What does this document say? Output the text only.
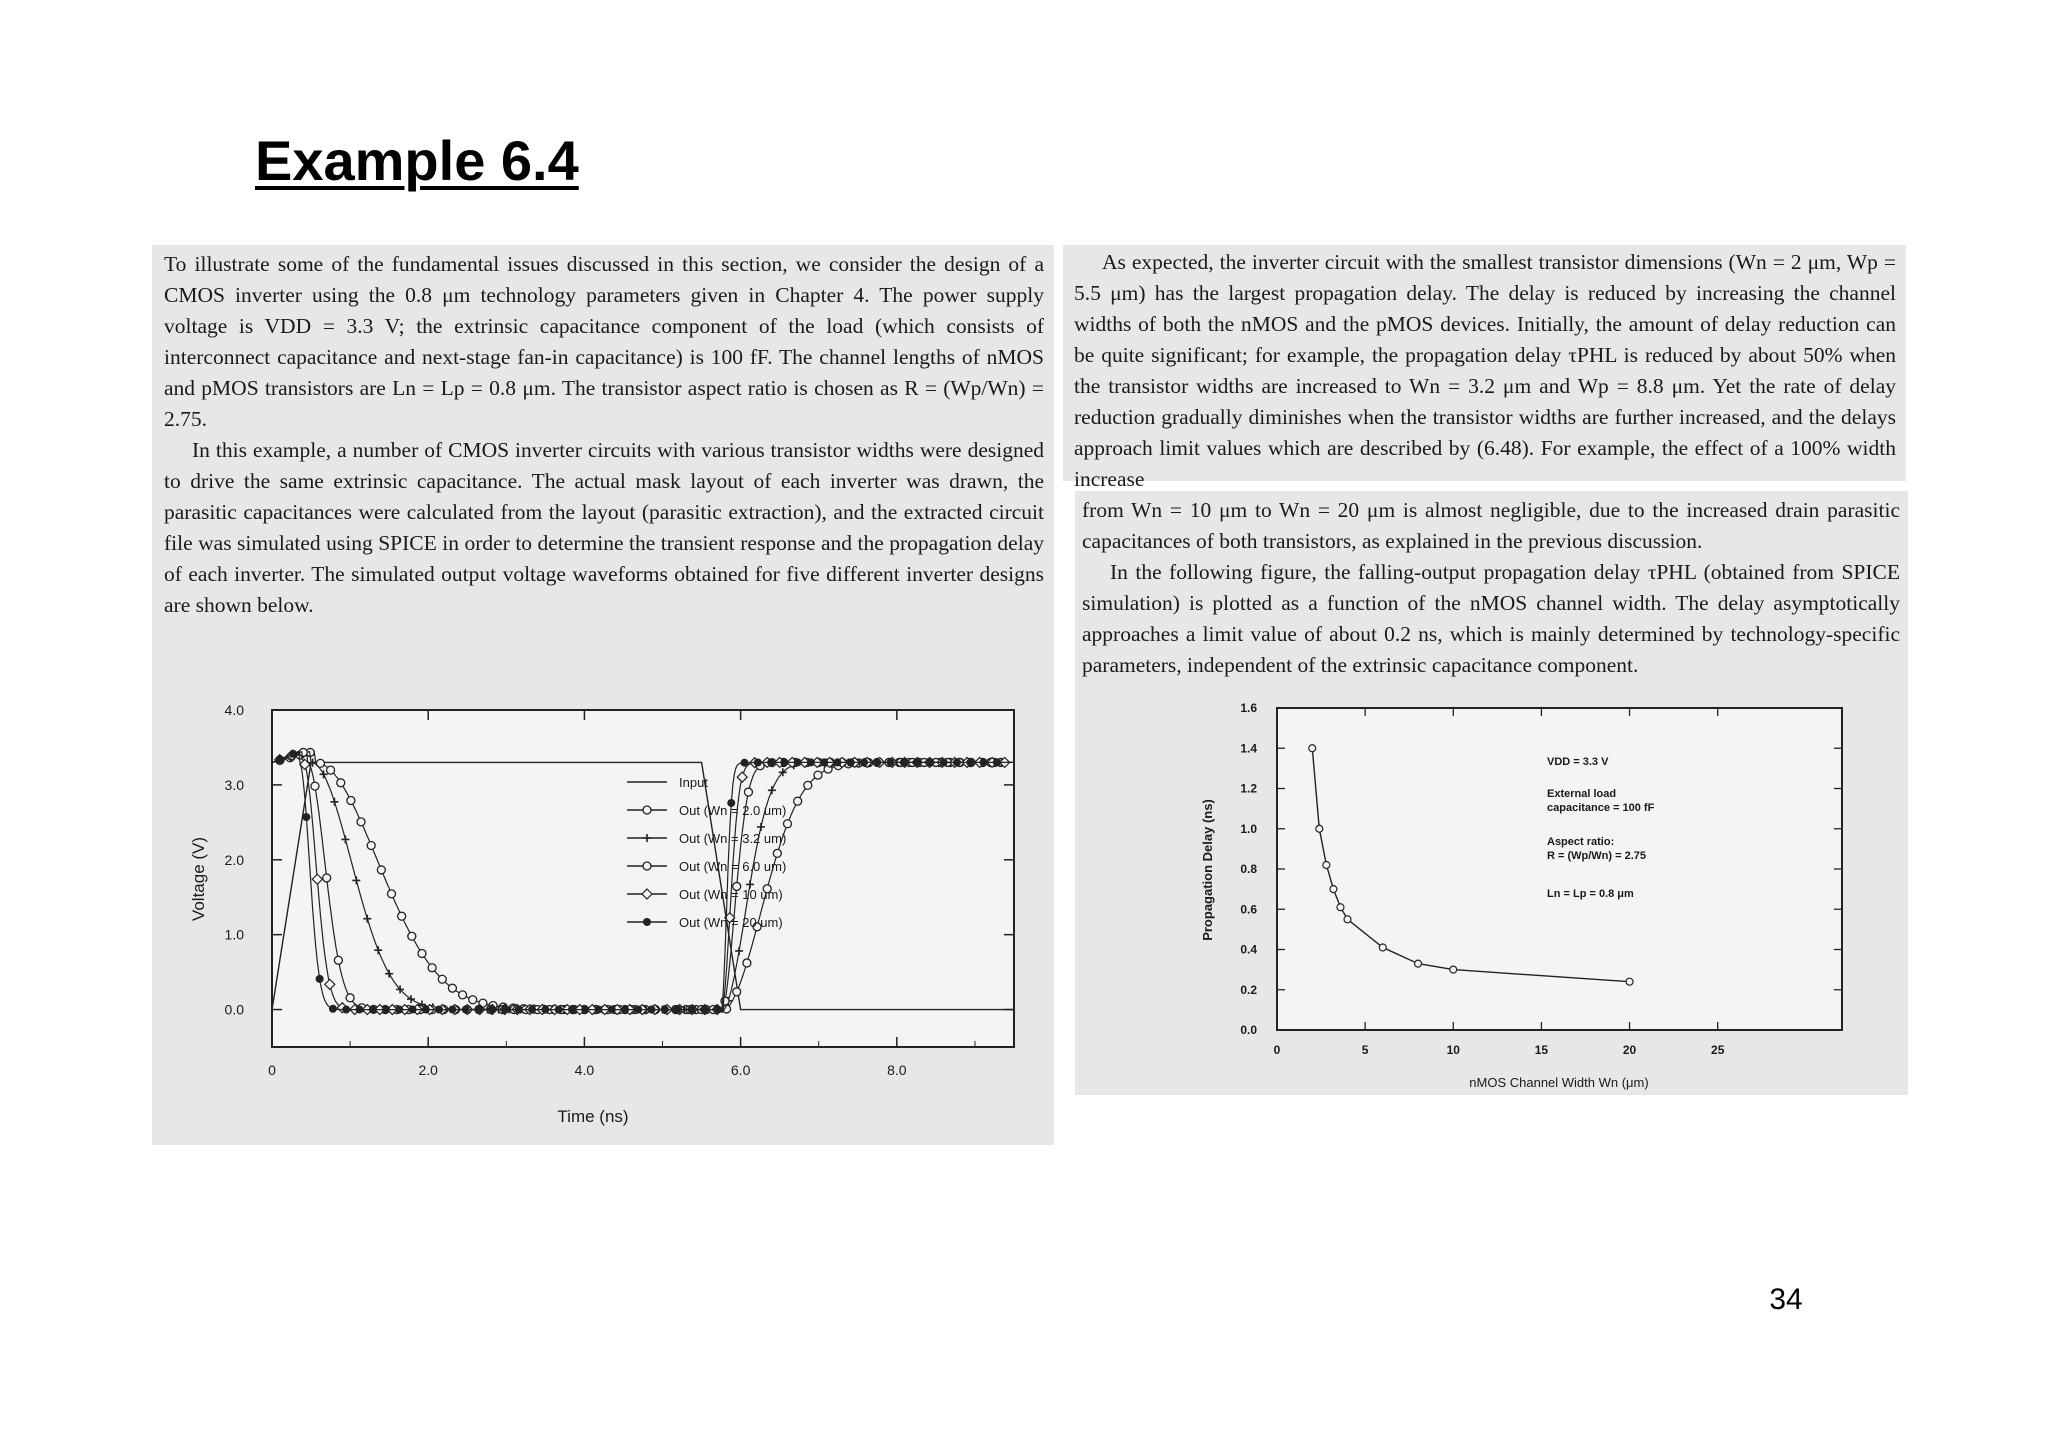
Example 6.4

To illustrate some of the fundamental issues discussed in this section, we consider the design of a CMOS inverter using the 0.8 μm technology parameters given in Chapter 4. The power supply voltage is VDD = 3.3 V; the extrinsic capacitance component of the load (which consists of interconnect capacitance and next-stage fan-in capacitance) is 100 fF. The channel lengths of nMOS and pMOS transistors are Ln = Lp = 0.8 μm. The transistor aspect ratio is chosen as R = (Wp/Wn) = 2.75.

In this example, a number of CMOS inverter circuits with various transistor widths were designed to drive the same extrinsic capacitance. The actual mask layout of each inverter was drawn, the parasitic capacitances were calculated from the layout (parasitic extraction), and the extracted circuit file was simulated using SPICE in order to determine the transient response and the propagation delay of each inverter. The simulated output voltage waveforms obtained for five different inverter designs are shown below.

As expected, the inverter circuit with the smallest transistor dimensions (Wn = 2 μm, Wp = 5.5 μm) has the largest propagation delay. The delay is reduced by increasing the channel widths of both the nMOS and the pMOS devices. Initially, the amount of delay reduction can be quite significant; for example, the propagation delay τPHL is reduced by about 50% when the transistor widths are increased to Wn = 3.2 μm and Wp = 8.8 μm. Yet the rate of delay reduction gradually diminishes when the transistor widths are further increased, and the delays approach limit values which are described by (6.48). For example, the effect of a 100% width increase

from Wn = 10 μm to Wn = 20 μm is almost negligible, due to the increased drain parasitic capacitances of both transistors, as explained in the previous discussion.

In the following figure, the falling-output propagation delay τPHL (obtained from SPICE simulation) is plotted as a function of the nMOS channel width. The delay asymptotically approaches a limit value of about 0.2 ns, which is mainly determined by technology-specific parameters, independent of the extrinsic capacitance component.

0	2.0	4.0	6.0	8.0
0.0
1.0
2.0
3.0
4.0
Input
Out (Wn = 2.0 um)
Out (Wn = 3.2 um)
Out (Wn = 6.0 um)
Out (Wn = 10 um)
Out (Wn = 20 um)
Time (ns)
Voltage (V)
0	5	10	15	20	25
0.0
0.2
0.4
0.6
0.8
1.0
1.2
1.4
1.6
VDD = 3.3 V
External load
capacitance = 100 fF
Aspect ratio:
R = (Wp/Wn) = 2.75
Ln = Lp = 0.8 μm
nMOS Channel Width Wn (μm)
Propagation Delay (ns)
34
